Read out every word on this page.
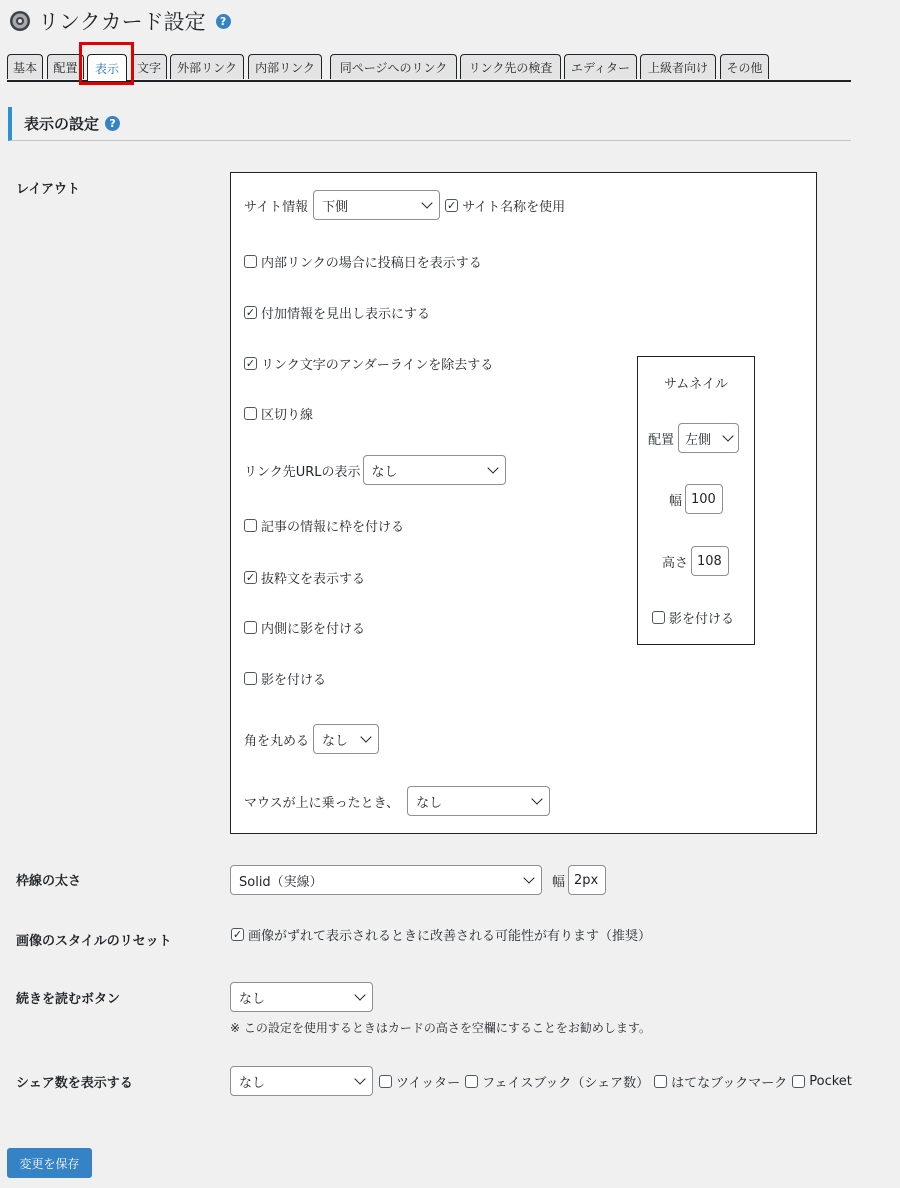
リンクカード設定	?
基本	配置	表示	文字	外部リンク	内部リンク	同ページへのリンク	リンク先の検査	エディター	上級者向け	その他
表示の設定 ?
レイアウト
サイト情報 下側	✓ サイト名称を使用
内部リンクの場合に投稿日を表示する
✓ 付加情報を見出し表示にする
✓ リンク文字のアンダーラインを除去する
区切り線
リンク先URLの表示 なし
記事の情報に枠を付ける
✓ 抜粋文を表示する
内側に影を付ける
影を付ける
角を丸める なし
マウスが上に乗ったとき、 なし
サムネイル
配置 左側
幅 100
高さ 108
影を付ける
枠線の太さ	Solid（実線）	幅 2px
画像のスタイルのリセット	✓ 画像がずれて表示されるときに改善される可能性が有ります（推奨）
続きを読むボタン	なし
※ この設定を使用するときはカードの高さを空欄にすることをお勧めします。
シェア数を表示する	なし	ツイッター フェイスブック（シェア数） はてなブックマーク Pocket
変更を保存
